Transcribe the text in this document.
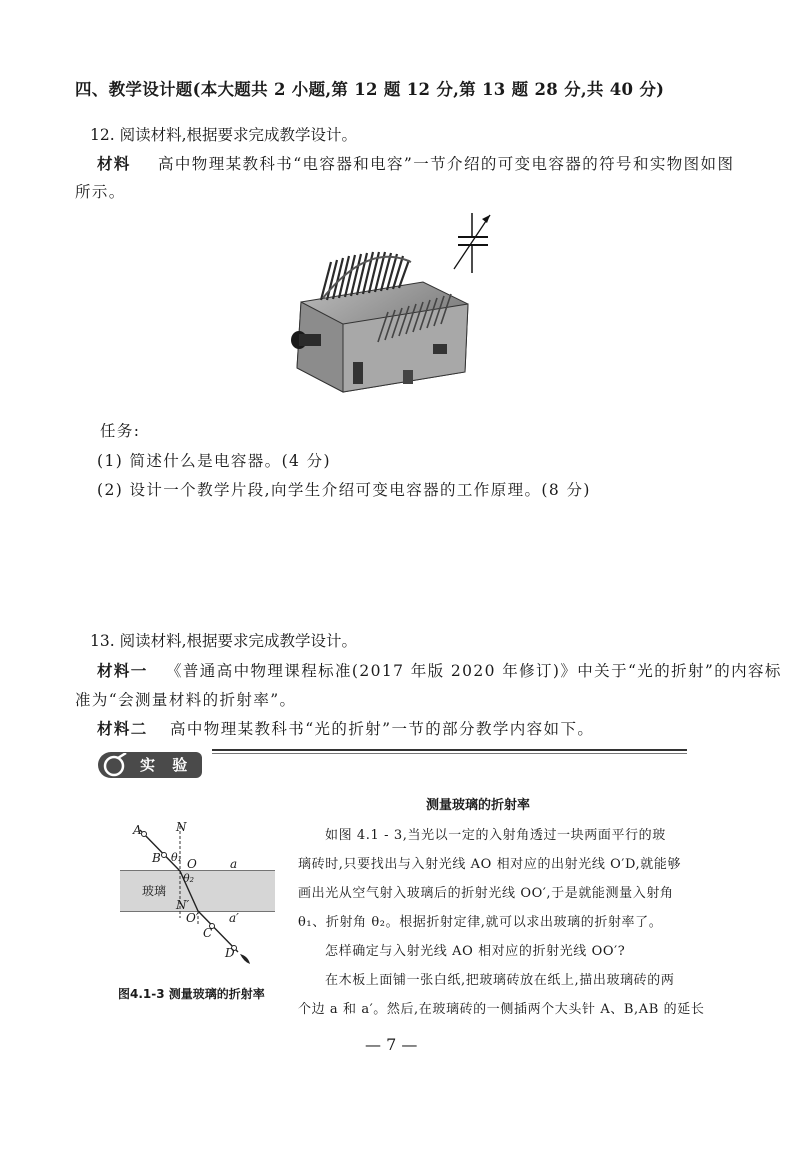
四、教学设计题(本大题共 2 小题,第 12 题 12 分,第 13 题 28 分,共 40 分)
12. 阅读材料,根据要求完成教学设计。
材料 高中物理某教科书“电容器和电容”一节介绍的可变电容器的符号和实物图如图
所示。
任务:
(1) 简述什么是电容器。(4 分)
(2) 设计一个教学片段,向学生介绍可变电容器的工作原理。(8 分)
13. 阅读材料,根据要求完成教学设计。
材料一 《普通高中物理课程标准(2017 年版 2020 年修订)》中关于“光的折射”的内容标
准为“会测量材料的折射率”。
材料二 高中物理某教科书“光的折射”一节的部分教学内容如下。
实 验
测量玻璃的折射率
A	N
B θ₁ O	a
玻璃
θ₂
N′
O′	a′
C
D
图4.1-3 测量玻璃的折射率
如图 4.1 - 3,当光以一定的入射角透过一块两面平行的玻
璃砖时,只要找出与入射光线 AO 相对应的出射光线 O′D,就能够
画出光从空气射入玻璃后的折射光线 OO′,于是就能测量入射角
θ₁、折射角 θ₂。根据折射定律,就可以求出玻璃的折射率了。
怎样确定与入射光线 AO 相对应的折射光线 OO′?
在木板上面铺一张白纸,把玻璃砖放在纸上,描出玻璃砖的两
个边 a 和 a′。然后,在玻璃砖的一侧插两个大头针 A、B,AB 的延长
— 7 —
